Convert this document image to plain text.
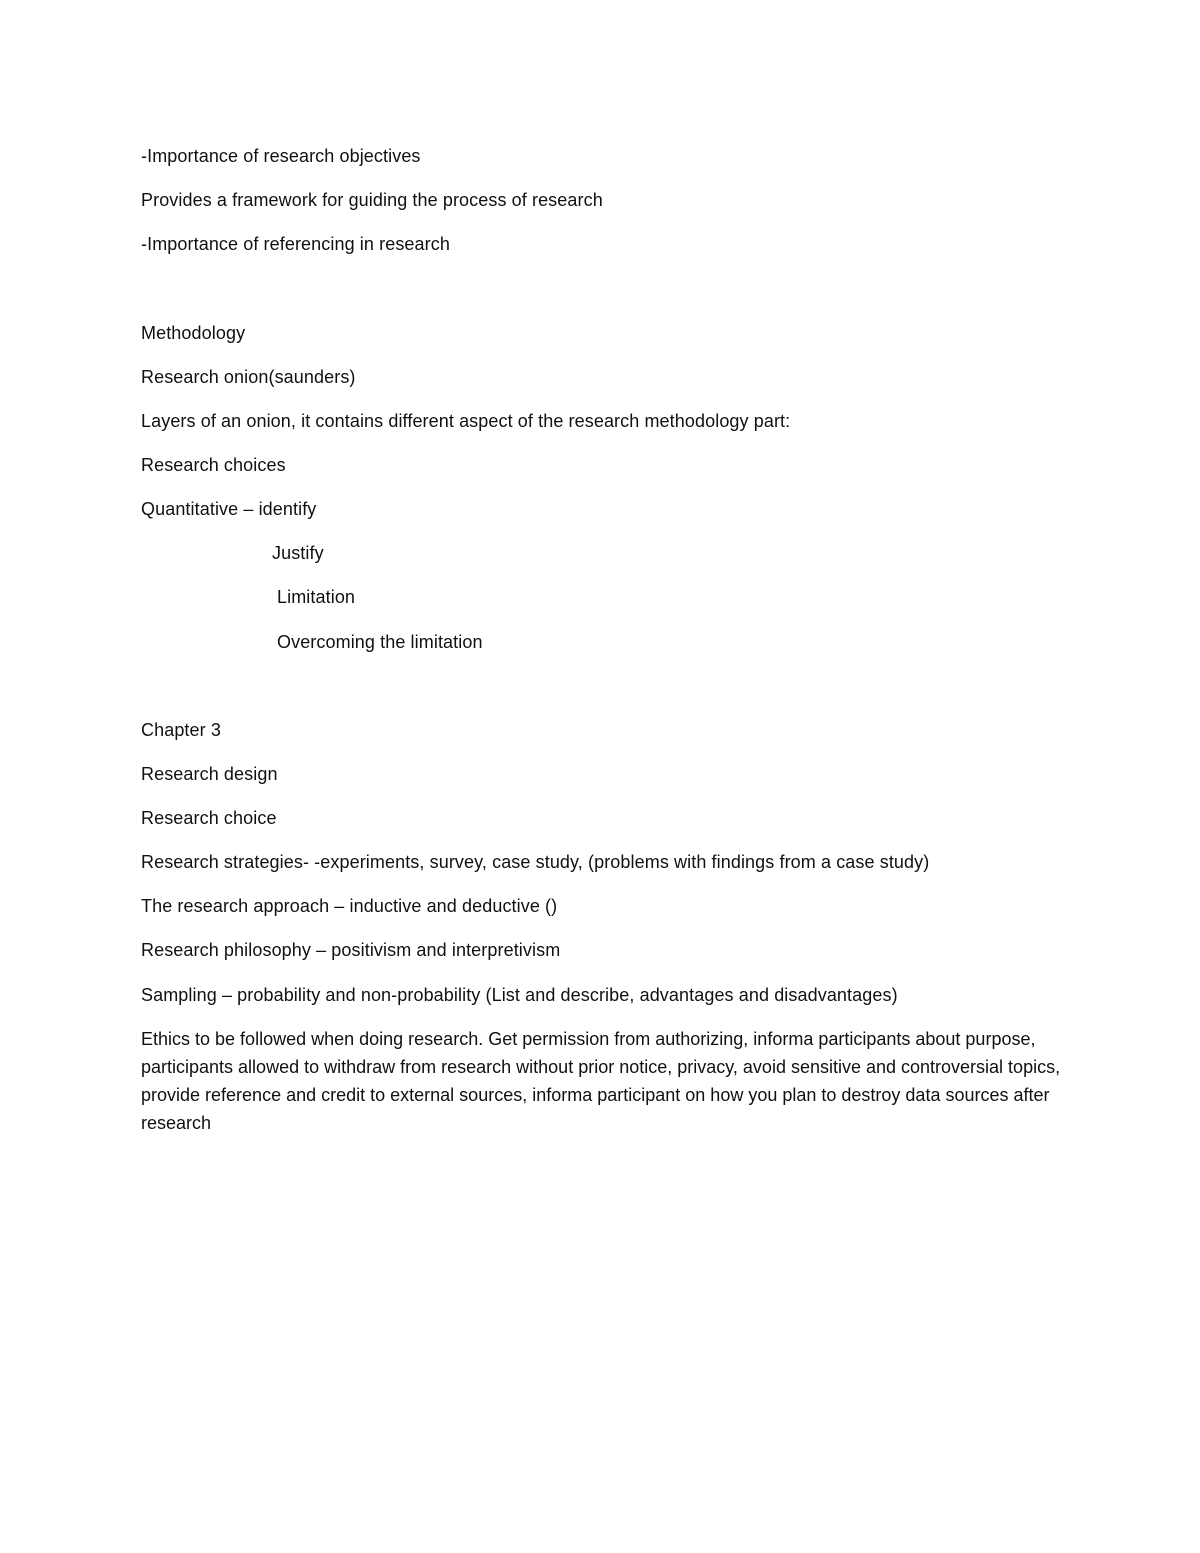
-Importance of research objectives
Provides a framework for guiding the process of research
-Importance of referencing in research
Methodology
Research onion(saunders)
Layers of an onion, it contains different aspect of the research methodology part:
Research choices
Quantitative – identify
Justify
Limitation
Overcoming the limitation
Chapter 3
Research design
Research choice
Research strategies- -experiments, survey, case study, (problems with findings from a case study)
The research approach – inductive and deductive ()
Research philosophy – positivism and interpretivism
Sampling – probability and non-probability (List and describe, advantages and disadvantages)
Ethics to be followed when doing research. Get permission from authorizing, informa participants about purpose, participants allowed to withdraw from research without prior notice, privacy, avoid sensitive and controversial topics, provide reference and credit to external sources, informa participant on how you plan to destroy data sources after research
